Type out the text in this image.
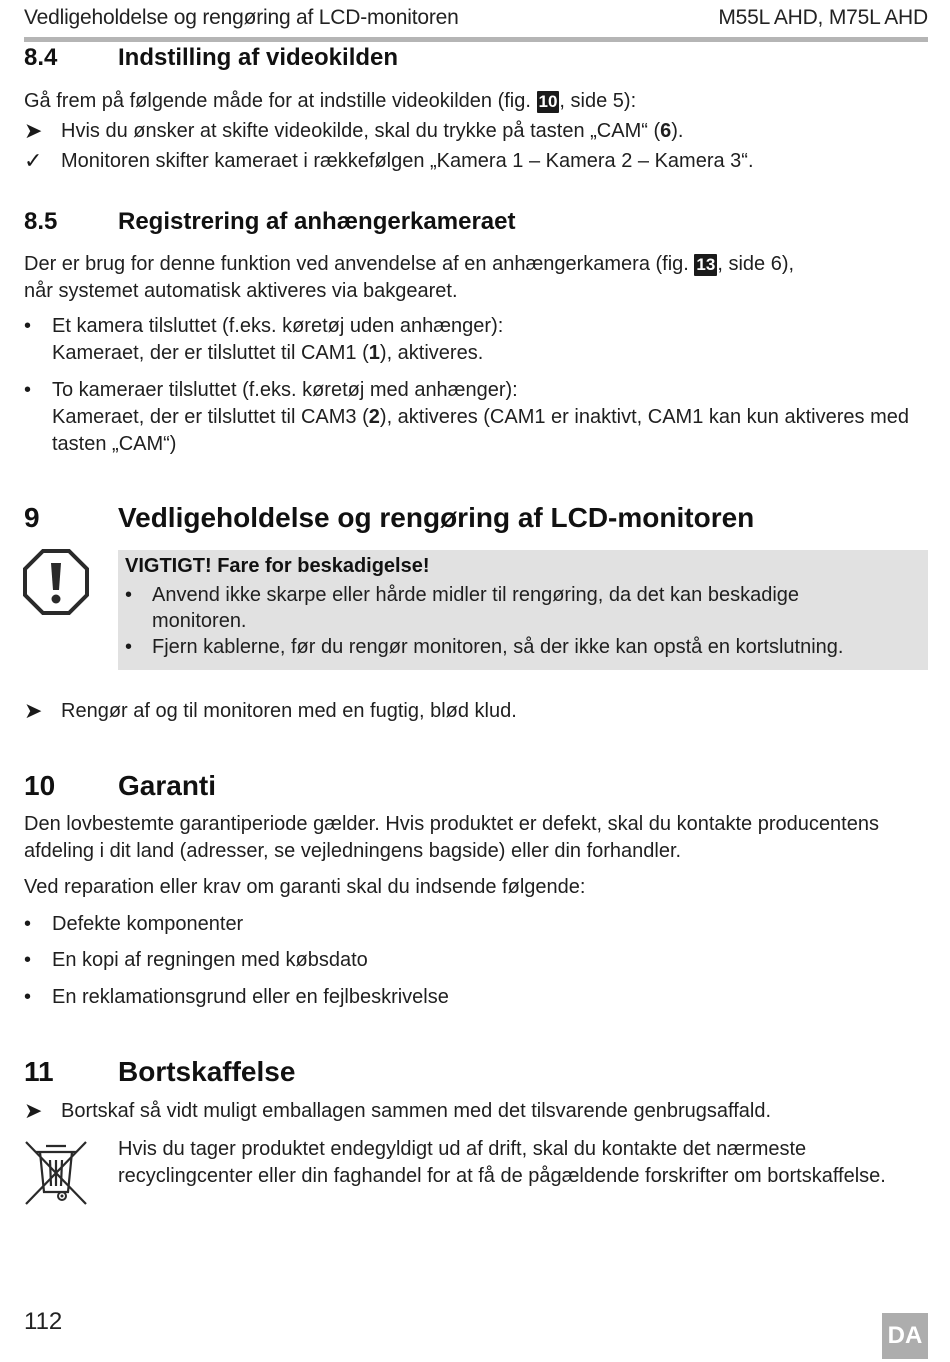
Vedligeholdelse og rengøring af LCD-monitoren	M55L AHD, M75L AHD
8.4	Indstilling af videokilden
Gå frem på følgende måde for at indstille videokilden (fig. 10 , side 5):
➤ Hvis du ønsker at skifte videokilde, skal du trykke på tasten „CAM“ (6).
✓ Monitoren skifter kameraet i rækkefølgen „Kamera 1 – Kamera 2 – Kamera 3“.
8.5	Registrering af anhængerkameraet
Der er brug for denne funktion ved anvendelse af en anhængerkamera (fig. 13 , side 6),
når systemet automatisk aktiveres via bakgearet.
• Et kamera tilsluttet (f.eks. køretøj uden anhænger):
Kameraet, der er tilsluttet til CAM1 (1), aktiveres.
• To kameraer tilsluttet (f.eks. køretøj med anhænger):
Kameraet, der er tilsluttet til CAM3 (2), aktiveres (CAM1 er inaktivt, CAM1 kan kun aktiveres med
tasten „CAM“)
9	Vedligeholdelse og rengøring af LCD-monitoren
VIGTIGT! Fare for beskadigelse!
• Anvend ikke skarpe eller hårde midler til rengøring, da det kan beskadige
monitoren.
• Fjern kablerne, før du rengør monitoren, så der ikke kan opstå en kortslutning.
➤ Rengør af og til monitoren med en fugtig, blød klud.
10 Garanti
Den lovbestemte garantiperiode gælder. Hvis produktet er defekt, skal du kontakte producentens
afdeling i dit land (adresser, se vejledningens bagside) eller din forhandler.
Ved reparation eller krav om garanti skal du indsende følgende:
• Defekte komponenter
• En kopi af regningen med købsdato
• En reklamationsgrund eller en fejlbeskrivelse
11 Bortskaffelse
➤ Bortskaf så vidt muligt emballagen sammen med det tilsvarende genbrugsaffald.
Hvis du tager produktet endegyldigt ud af drift, skal du kontakte det nærmeste
recyclingcenter eller din faghandel for at få de pågældende forskrifter om bortskaffelse.
112
DA
